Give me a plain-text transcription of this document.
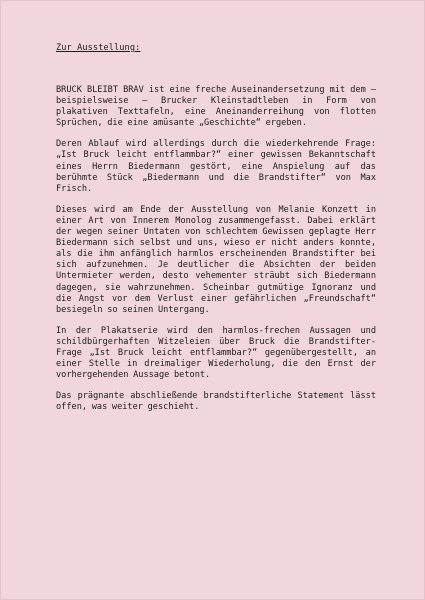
Zur Ausstellung:

BRUCK BLEIBT BRAV ist eine freche Auseinandersetzung mit dem – beispielsweise – Brucker Kleinstadtleben in Form von plakativen Texttafeln, eine Aneinanderreihung von flotten Sprüchen, die eine amüsante „Geschichte“ ergeben.

Deren Ablauf wird allerdings durch die wiederkehrende Frage: „Ist Bruck leicht entflammbar?“ einer gewissen Bekanntschaft eines Herrn Biedermann gestört, eine Anspielung auf das berühmte Stück „Biedermann und die Brandstifter“ von Max Frisch.

Dieses wird am Ende der Ausstellung von Melanie Konzett in einer Art von Innerem Monolog zusammengefasst. Dabei erklärt der wegen seiner Untaten von schlechtem Gewissen geplagte Herr Biedermann sich selbst und uns, wieso er nicht anders konnte, als die ihm anfänglich harmlos erscheinenden Brandstifter bei sich aufzunehmen. Je deutlicher die Absichten der beiden Untermieter werden, desto vehementer sträubt sich Biedermann dagegen, sie wahrzunehmen. Scheinbar gutmütige Ignoranz und die Angst vor dem Verlust einer gefährlichen „Freundschaft“ besiegeln so seinen Untergang.

In der Plakatserie wird den harmlos-frechen Aussagen und schildbürgerhaften Witzeleien über Bruck die Brandstifter-Frage „Ist Bruck leicht entflammbar?“ gegenübergestellt, an einer Stelle in dreimaliger Wiederholung, die den Ernst der vorhergehenden Aussage betont.

Das prägnante abschließende brandstifterliche Statement lässt offen, was weiter geschieht.
